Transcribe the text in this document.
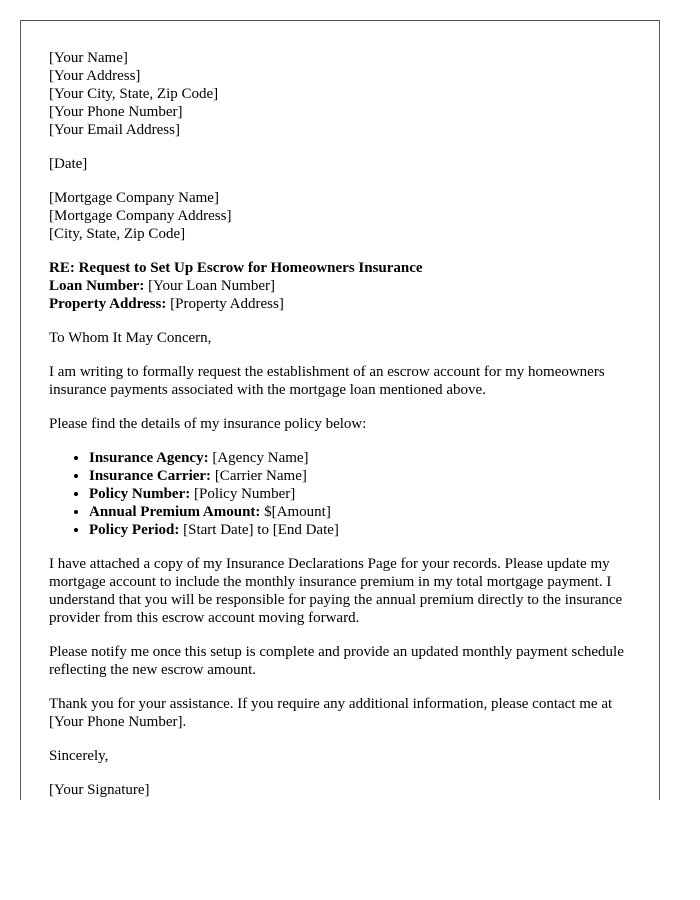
[Your Name]
[Your Address]
[Your City, State, Zip Code]
[Your Phone Number]
[Your Email Address]
[Date]
[Mortgage Company Name]
[Mortgage Company Address]
[City, State, Zip Code]
RE: Request to Set Up Escrow for Homeowners Insurance
Loan Number: [Your Loan Number]
Property Address: [Property Address]

To Whom It May Concern,

I am writing to formally request the establishment of an escrow account for my homeowners insurance payments associated with the mortgage loan mentioned above.

Please find the details of my insurance policy below:

• Insurance Agency: [Agency Name]
• Insurance Carrier: [Carrier Name]
• Policy Number: [Policy Number]
• Annual Premium Amount: $[Amount]
• Policy Period: [Start Date] to [End Date]

I have attached a copy of my Insurance Declarations Page for your records. Please update my mortgage account to include the monthly insurance premium in my total mortgage payment. I understand that you will be responsible for paying the annual premium directly to the insurance provider from this escrow account moving forward.

Please notify me once this setup is complete and provide an updated monthly payment schedule reflecting the new escrow amount.

Thank you for your assistance. If you require any additional information, please contact me at [Your Phone Number].

Sincerely,

[Your Signature]
